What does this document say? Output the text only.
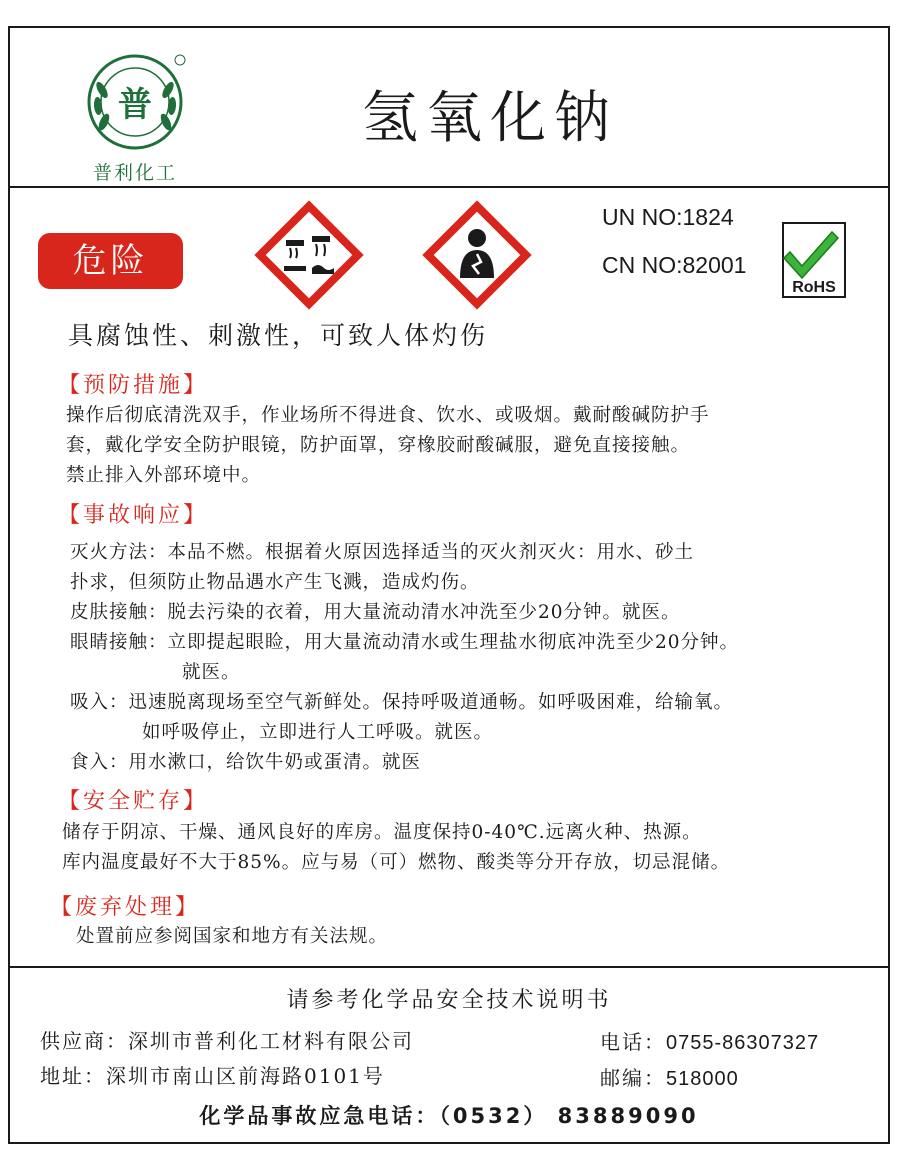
普
普利化工
氢氧化钠
危险
UN NO:1824
CN NO:82001
RoHS
具腐蚀性、刺激性，可致人体灼伤
【预防措施】
操作后彻底清洗双手，作业场所不得进食、饮水、或吸烟。戴耐酸碱防护手
套，戴化学安全防护眼镜，防护面罩，穿橡胶耐酸碱服，避免直接接触。
禁止排入外部环境中。
【事故响应】
灭火方法：本品不燃。根据着火原因选择适当的灭火剂灭火：用水、砂土
扑求，但须防止物品遇水产生飞溅，造成灼伤。
皮肤接触：脱去污染的衣着，用大量流动清水冲洗至少20分钟。就医。
眼睛接触：立即提起眼睑，用大量流动清水或生理盐水彻底冲洗至少20分钟。
就医。
吸入：迅速脱离现场至空气新鲜处。保持呼吸道通畅。如呼吸困难，给输氧。
如呼吸停止，立即进行人工呼吸。就医。
食入：用水漱口，给饮牛奶或蛋清。就医
【安全贮存】
储存于阴凉、干燥、通风良好的库房。温度保持0-40℃.远离火种、热源。
库内温度最好不大于85%。应与易（可）燃物、酸类等分开存放，切忌混储。
【废弃处理】
处置前应参阅国家和地方有关法规。
请参考化学品安全技术说明书
供应商：深圳市普利化工材料有限公司
地址：深圳市南山区前海路0101号
电话：0755-86307327
邮编：518000
化学品事故应急电话：（0532） 83889090
